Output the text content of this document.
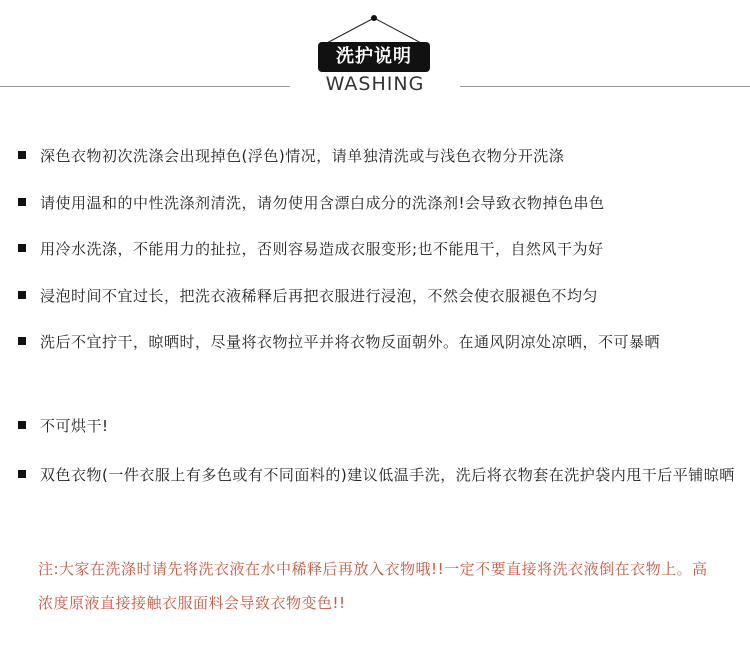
洗护说明
WASHING
深色衣物初次洗涤会出现掉色(浮色)情况，请单独清洗或与浅色衣物分开洗涤
请使用温和的中性洗涤剂清洗，请勿使用含漂白成分的洗涤剂!会导致衣物掉色串色
用冷水洗涤，不能用力的扯拉，否则容易造成衣服变形;也不能甩干，自然风干为好
浸泡时间不宜过长，把洗衣液稀释后再把衣服进行浸泡，不然会使衣服褪色不均匀
洗后不宜拧干，晾晒时，尽量将衣物拉平并将衣物反面朝外。在通风阴凉处凉晒，不可暴晒
不可烘干!
双色衣物(一件衣服上有多色或有不同面料的)建议低温手洗，洗后将衣物套在洗护袋内甩干后平铺晾晒
注:大家在洗涤时请先将洗衣液在水中稀释后再放入衣物哦!!一定不要直接将洗衣液倒在衣物上。高浓度原液直接接触衣服面料会导致衣物变色!!
